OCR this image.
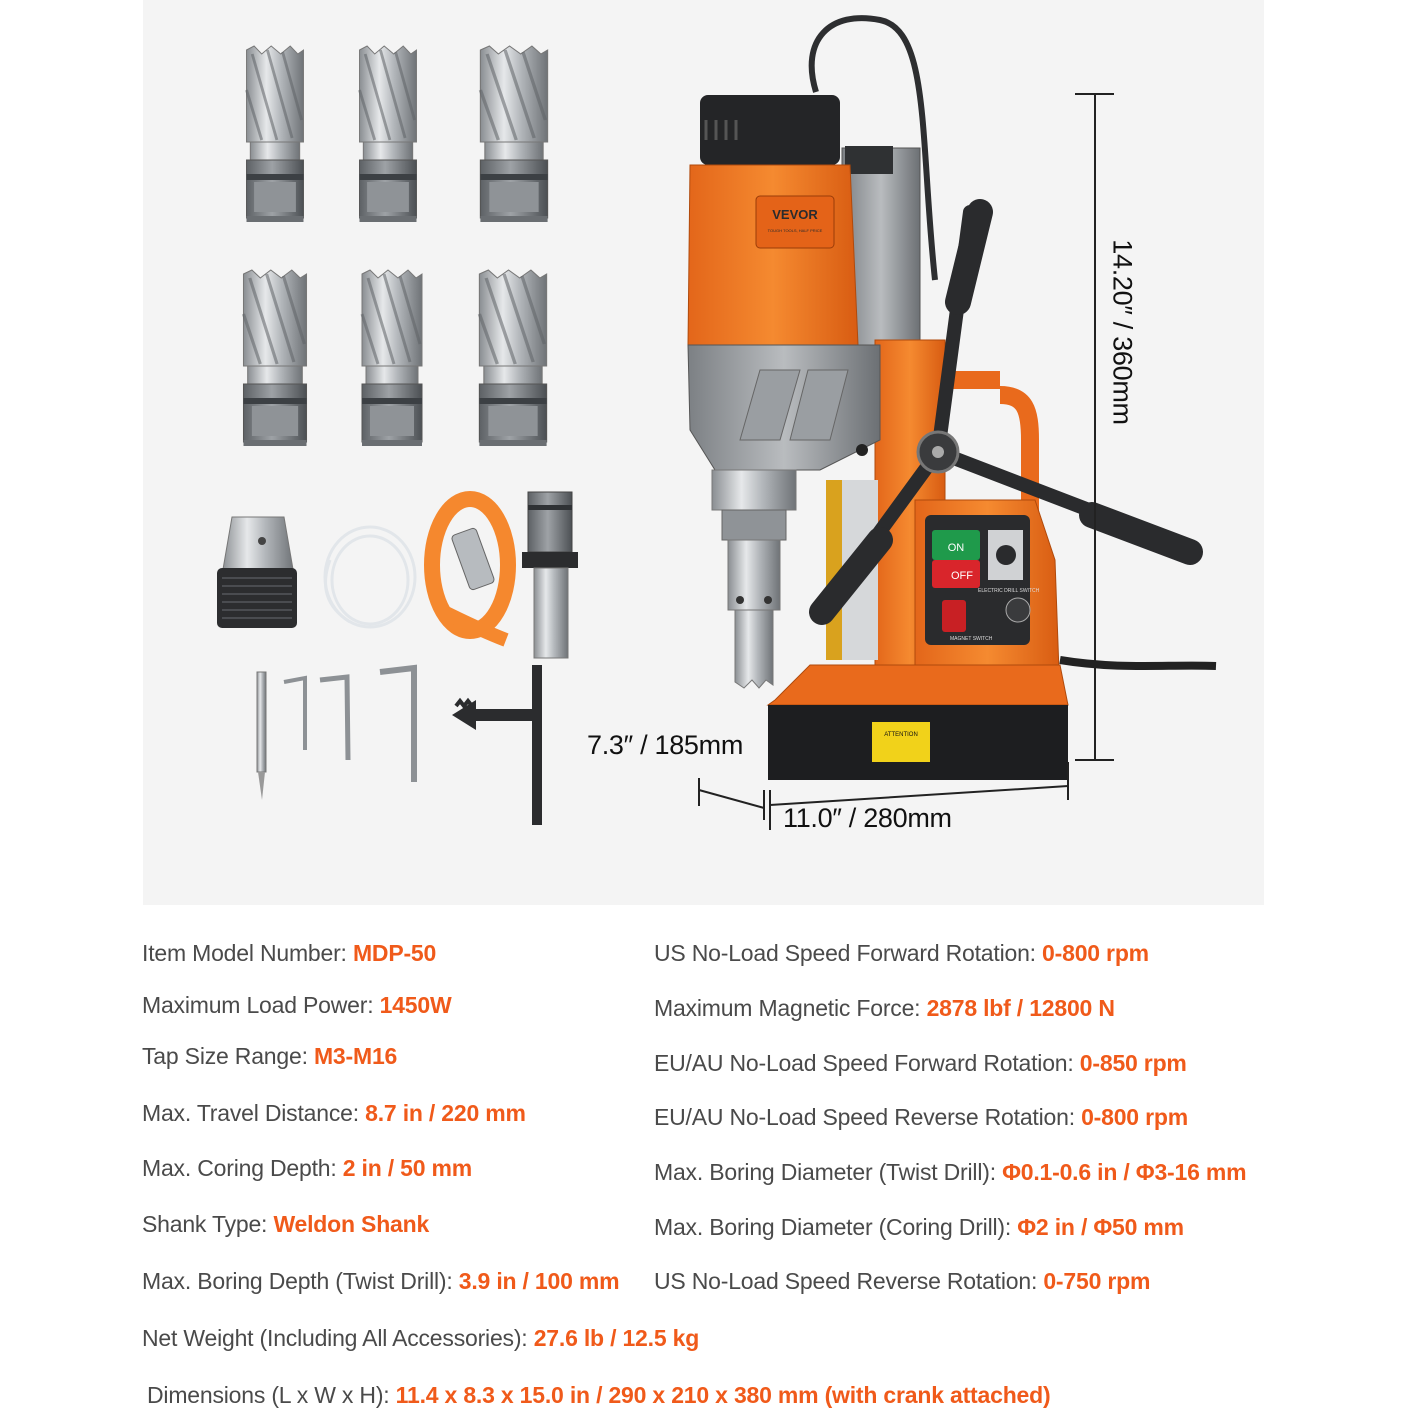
ON
OFF
ELECTRIC DRILL SWITCH
MAGNET SWITCH
ATTENTION
VEVOR
TOUGH TOOLS, HALF PRICE
14.20″ / 360mm
7.3″ / 185mm
11.0″ / 280mm
Item Model Number: MDP-50
Maximum Load Power: 1450W
Tap Size Range: M3-M16
Max. Travel Distance: 8.7 in / 220 mm
Max. Coring Depth: 2 in / 50 mm
Shank Type: Weldon Shank
Max. Boring Depth (Twist Drill): 3.9 in / 100 mm
US No-Load Speed Forward Rotation: 0-800 rpm
Maximum Magnetic Force: 2878 lbf / 12800 N
EU/AU No-Load Speed Forward Rotation: 0-850 rpm
EU/AU No-Load Speed Reverse Rotation: 0-800 rpm
Max. Boring Diameter (Twist Drill): Φ0.1-0.6 in / Φ3-16 mm
Max. Boring Diameter (Coring Drill): Φ2 in / Φ50 mm
US No-Load Speed Reverse Rotation: 0-750 rpm
Net Weight (Including All Accessories): 27.6 lb / 12.5 kg
Dimensions (L x W x H): 11.4 x 8.3 x 15.0 in / 290 x 210 x 380 mm (with crank attached)
